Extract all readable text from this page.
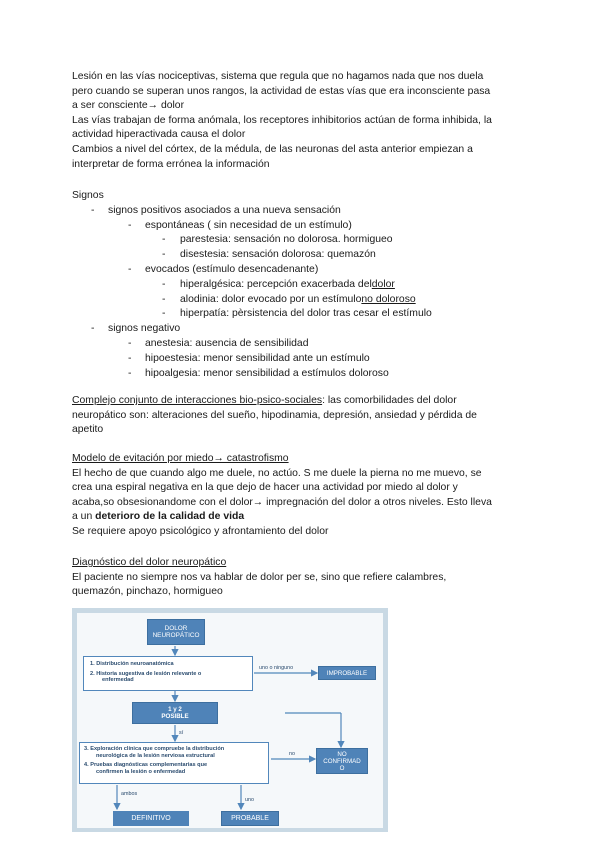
Lesión en las vías nociceptivas, sistema que regula que no hagamos nada que nos duela
pero cuando se superan unos rangos, la actividad de estas vías que era inconsciente pasa
a ser consciente→ dolor
Las vías trabajan de forma anómala, los receptores inhibitorios actúan de forma inhibida, la
actividad hiperactivada causa el dolor
Cambios a nivel del córtex, de la médula, de las neuronas del asta anterior empiezan a
interpretar de forma errónea la información
Signos
-	signos positivos asociados a una nueva sensación
-	espontáneas ( sin necesidad de un estímulo)
-	parestesia: sensación no dolorosa. hormigueo
-	disestesia: sensación dolorosa: quemazón
-	evocados (estímulo desencadenante)
-	hiperalgésica: percepción exacerbada del dolor
-	alodinia: dolor evocado por un estímulo no doloroso
-	hiperpatía: pèrsistencia del dolor tras cesar el estímulo
-	signos negativo
-	anestesia: ausencia de sensibilidad
-	hipoestesia: menor sensibilidad ante un estímulo
-	hipoalgesia: menor sensibilidad a estímulos doloroso
Complejo conjunto de interacciones bio-psico-sociales: las comorbilidades del dolor
neuropático son: alteraciones del sueño, hipodinamia, depresión, ansiedad y pérdida de
apetito
Modelo de evitación por miedo→ catastrofismo
El hecho de que cuando algo me duele, no actúo. S me duele la pierna no me muevo, se
crea una espiral negativa en la que dejo de hacer una actividad por miedo al dolor y
acaba,so obsesionandome con el dolor→ impregnación del dolor a otros niveles. Esto lleva
a un deterioro de la calidad de vida
Se requiere apoyo psicológico y afrontamiento del dolor
Diagnóstico del dolor neuropático
El paciente no siempre nos va hablar de dolor per se, sino que refiere calambres,
quemazón, pinchazo, hormigueo
DOLOR
NEUROPÁTICO
1. Distribución neuroanatómica
2. Historia sugestiva de lesión relevante o
enfermedad
uno o ninguno
IMPROBABLE
1 y 2
POSIBLE
sí
3. Exploración clínica que compruebe la distribución
neurológica de la lesión nerviosa estructural
4. Pruebas diagnósticas complementarias que
confirmen la lesión o enfermedad
no	NO
CONFIRMAD
O
ambos
uno
DEFINITIVO	PROBABLE
